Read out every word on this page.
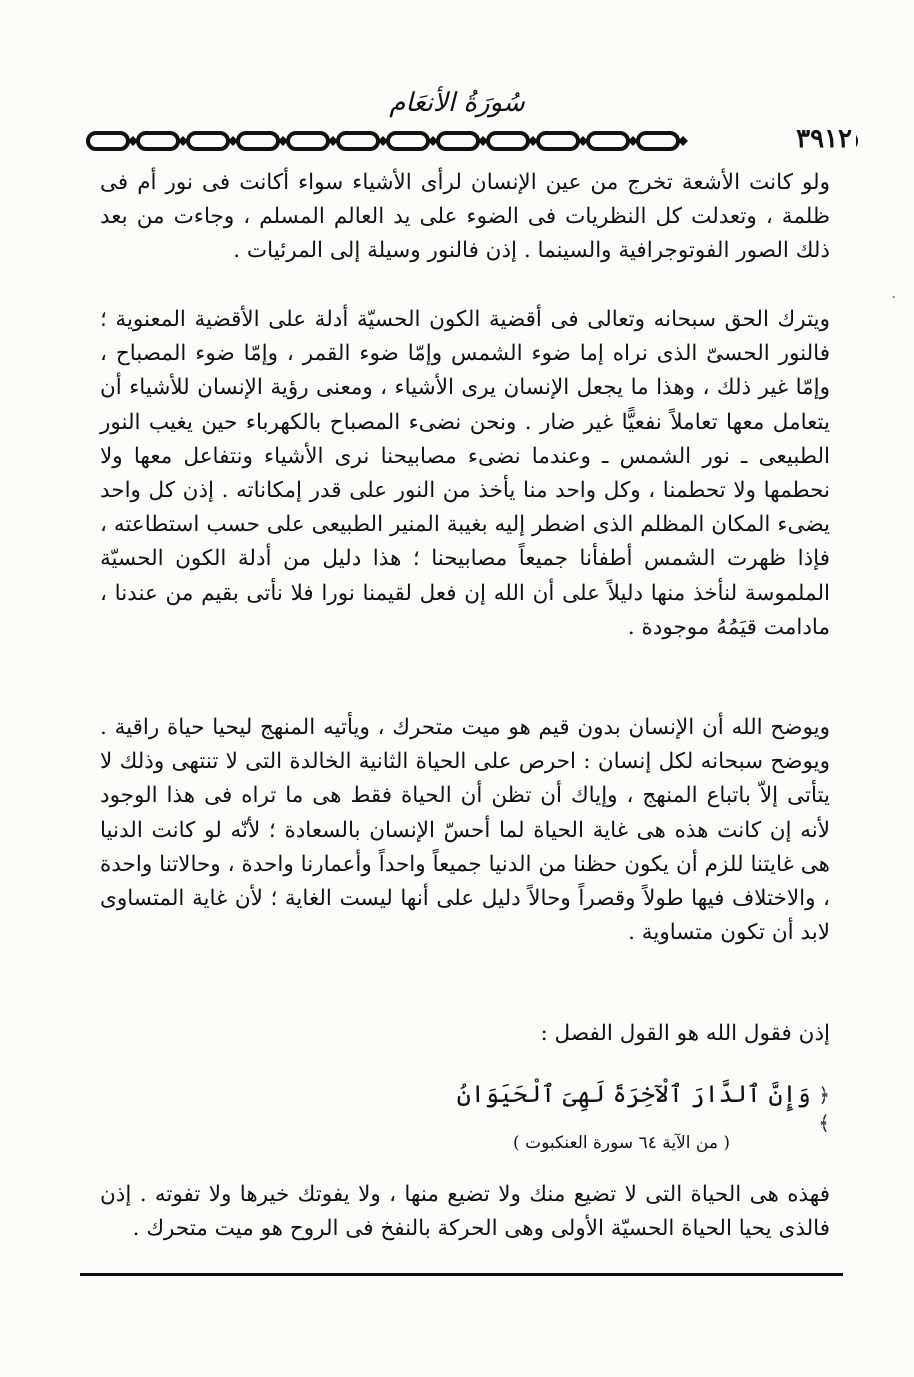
سُورَةُ الأنعَام
٣٩١٢

ولو كانت الأشعة تخرج من عين الإنسان لرأى الأشياء سواء أكانت فى نور أم فى ظلمة ، وتعدلت كل النظريات فى الضوء على يد العالم المسلم ، وجاءت من بعد ذلك الصور الفوتوجرافية والسينما . إذن فالنور وسيلة إلى المرئيات .

·

ويترك الحق سبحانه وتعالى فى أقضية الكون الحسيّة أدلة على الأقضية المعنوية ؛ فالنور الحسىّ الذى نراه إما ضوء الشمس وإمّا ضوء القمر ، وإمّا ضوء المصباح ، وإمّا غير ذلك ، وهذا ما يجعل الإنسان يرى الأشياء ، ومعنى رؤية الإنسان للأشياء أن يتعامل معها تعاملاً نفعيًّا غير ضار . ونحن نضىء المصباح بالكهرباء حين يغيب النور الطبيعى ـ نور الشمس ـ وعندما نضىء مصابيحنا نرى الأشياء ونتفاعل معها ولا نحطمها ولا تحطمنا ، وكل واحد منا يأخذ من النور على قدر إمكاناته . إذن كل واحد يضىء المكان المظلم الذى اضطر إليه بغيبة المنير الطبيعى على حسب استطاعته ، فإذا ظهرت الشمس أطفأنا جميعاً مصابيحنا ؛ هذا دليل من أدلة الكون الحسيّة الملموسة لنأخذ منها دليلاً على أن الله إن فعل لقيمنا نورا فلا نأتى بقيم من عندنا ، مادامت قيَمُهُ موجودة .

ويوضح الله أن الإنسان بدون قيم هو ميت متحرك ، ويأتيه المنهج ليحيا حياة راقية . ويوضح سبحانه لكل إنسان : احرص على الحياة الثانية الخالدة التى لا تنتهى وذلك لا يتأتى إلاّ باتباع المنهج ، وإياك أن تظن أن الحياة فقط هى ما تراه فى هذا الوجود لأنه إن كانت هذه هى غاية الحياة لما أحسّ الإنسان بالسعادة ؛ لأنّه لو كانت الدنيا هى غايتنا للزم أن يكون حظنا من الدنيا جميعاً واحداً وأعمارنا واحدة ، وحالاتنا واحدة ، والاختلاف فيها طولاً وقصراً وحالاً دليل على أنها ليست الغاية ؛ لأن غاية المتساوى لابد أن تكون متساوية .

إذن فقول الله هو القول الفصل :

﴿ وَإِنَّ ٱلدَّارَ ٱلْآخِرَةَ لَهِىَ ٱلْحَيَوَانُ ﴾
( من الآية ٦٤ سورة العنكبوت )

فهذه هى الحياة التى لا تضيع منك ولا تضيع منها ، ولا يفوتك خيرها ولا تفوته . إذن فالذى يحيا الحياة الحسيّة الأولى وهى الحركة بالنفخ فى الروح هو ميت متحرك .
